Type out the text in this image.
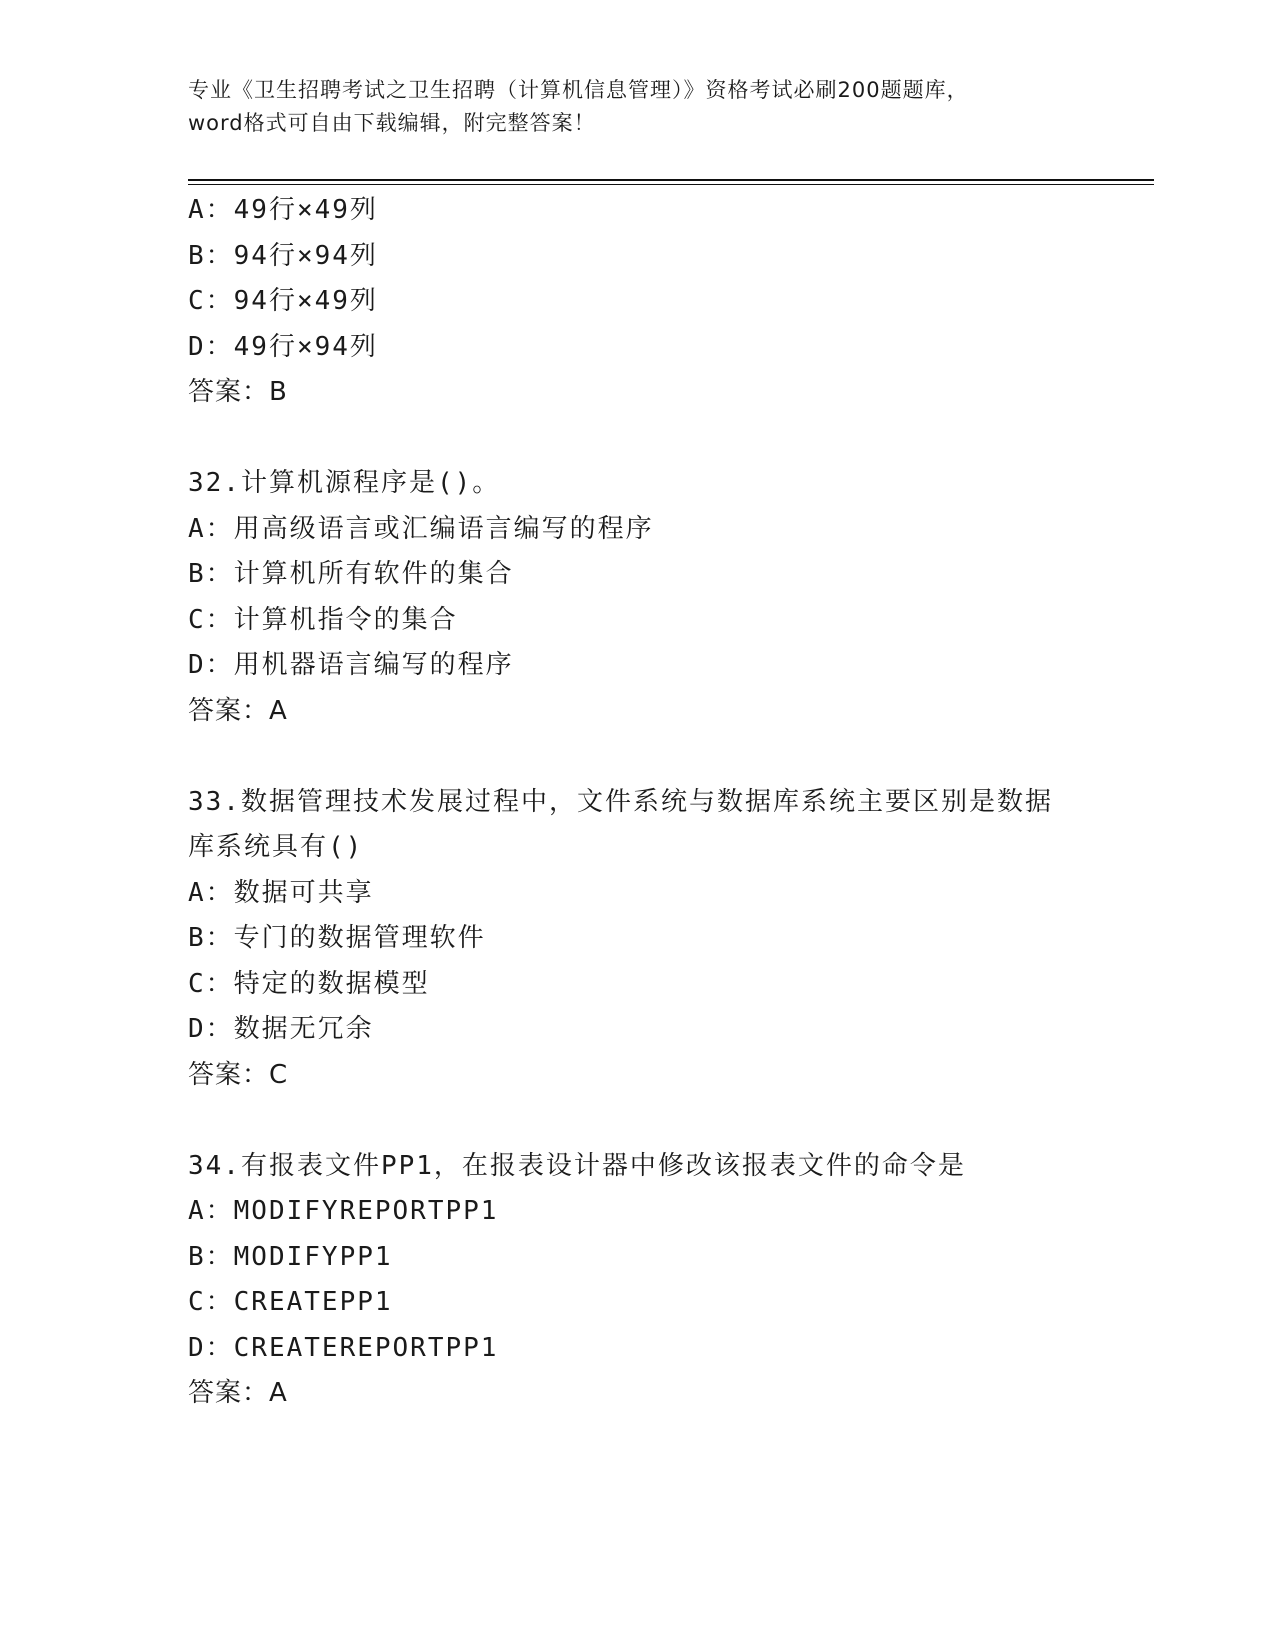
专业《卫生招聘考试之卫生招聘（计算机信息管理）》资格考试必刷200题题库，
word格式可自由下载编辑，附完整答案！
A：49行×49列
B：94行×94列
C：94行×49列
D：49行×94列
答案：B
32.计算机源程序是()。
A：用高级语言或汇编语言编写的程序
B：计算机所有软件的集合
C：计算机指令的集合
D：用机器语言编写的程序
答案：A
33.数据管理技术发展过程中，文件系统与数据库系统主要区别是数据库系统具有()
A：数据可共享
B：专门的数据管理软件
C：特定的数据模型
D：数据无冗余
答案：C
34.有报表文件PP1，在报表设计器中修改该报表文件的命令是
A：MODIFYREPORTPP1
B：MODIFYPP1
C：CREATEPP1
D：CREATEREPORTPP1
答案：A
